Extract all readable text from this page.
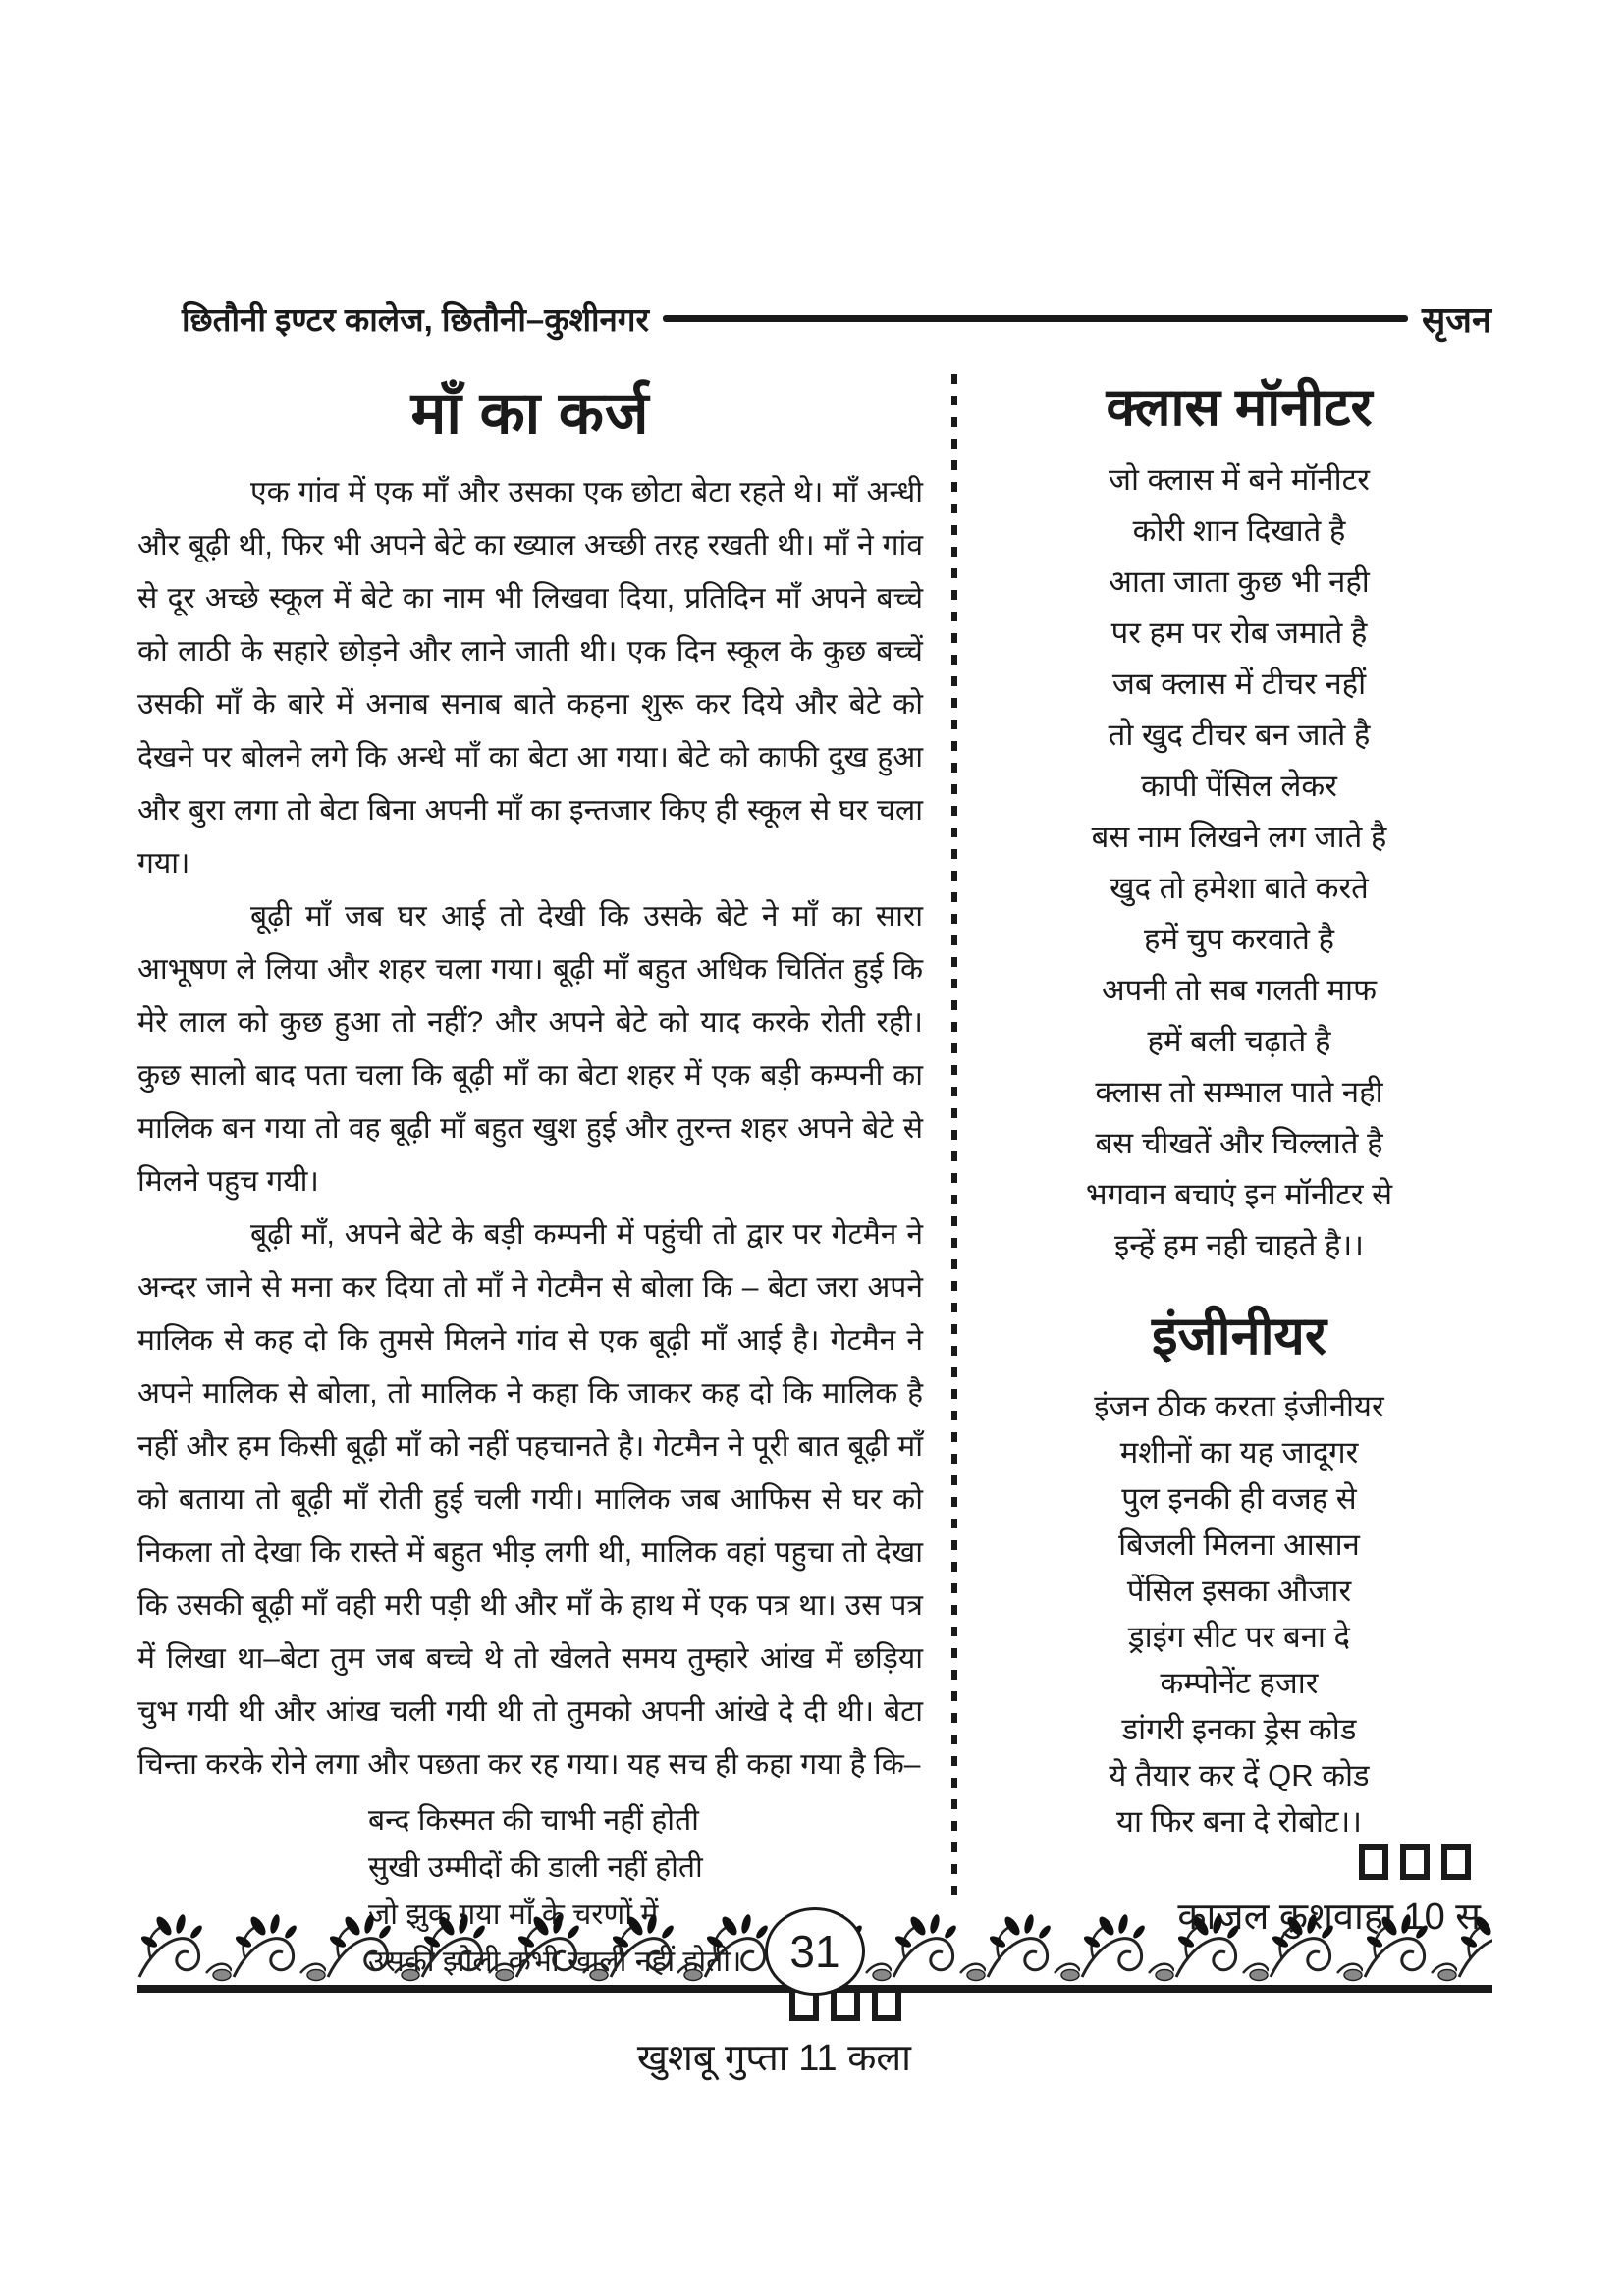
छितौनी इण्टर कालेज, छितौनी–कुशीनगर	सृजन
माँ का कर्ज

एक गांव में एक माँ और उसका एक छोटा बेटा रहते थे। माँ अन्धी और बूढ़ी थी, फिर भी अपने बेटे का ख्याल अच्छी तरह रखती थी। माँ ने गांव से दूर अच्छे स्कूल में बेटे का नाम भी लिखवा दिया, प्रतिदिन माँ अपने बच्चे को लाठी के सहारे छोड़ने और लाने जाती थी। एक दिन स्कूल के कुछ बच्चें उसकी माँ के बारे में अनाब सनाब बाते कहना शुरू कर दिये और बेटे को देखने पर बोलने लगे कि अन्धे माँ का बेटा आ गया। बेटे को काफी दुख हुआ और बुरा लगा तो बेटा बिना अपनी माँ का इन्तजार किए ही स्कूल से घर चला गया।

बूढ़ी माँ जब घर आई तो देखी कि उसके बेटे ने माँ का सारा आभूषण ले लिया और शहर चला गया। बूढ़ी माँ बहुत अधिक चितिंत हुई कि मेरे लाल को कुछ हुआ तो नहीं? और अपने बेटे को याद करके रोती रही। कुछ सालो बाद पता चला कि बूढ़ी माँ का बेटा शहर में एक बड़ी कम्पनी का मालिक बन गया तो वह बूढ़ी माँ बहुत खुश हुई और तुरन्त शहर अपने बेटे से मिलने पहुच गयी।

बूढ़ी माँ, अपने बेटे के बड़ी कम्पनी में पहुंची तो द्वार पर गेटमैन ने अन्दर जाने से मना कर दिया तो माँ ने गेटमैन से बोला कि – बेटा जरा अपने मालिक से कह दो कि तुमसे मिलने गांव से एक बूढ़ी माँ आई है। गेटमैन ने अपने मालिक से बोला, तो मालिक ने कहा कि जाकर कह दो कि मालिक है नहीं और हम किसी बूढ़ी माँ को नहीं पहचानते है। गेटमैन ने पूरी बात बूढ़ी माँ को बताया तो बूढ़ी माँ रोती हुई चली गयी। मालिक जब आफिस से घर को निकला तो देखा कि रास्ते में बहुत भीड़ लगी थी, मालिक वहां पहुचा तो देखा कि उसकी बूढ़ी माँ वही मरी पड़ी थी और माँ के हाथ में एक पत्र था। उस पत्र में लिखा था–बेटा तुम जब बच्चे थे तो खेलते समय तुम्हारे आंख में छड़िया चुभ गयी थी और आंख चली गयी थी तो तुमको अपनी आंखे दे दी थी। बेटा चिन्ता करके रोने लगा और पछता कर रह गया। यह सच ही कहा गया है कि–

बन्द किस्मत की चाभी नहीं होती
सुखी उम्मीदों की डाली नहीं होती
खुशबू गुप्ता 11 कला
क्लास मॉनीटर
जो क्लास में बने मॉनीटर
कोरी शान दिखाते है
आता जाता कुछ भी नही
पर हम पर रोब जमाते है
जब क्लास में टीचर नहीं
तो खुद टीचर बन जाते है
कापी पेंसिल लेकर
बस नाम लिखने लग जाते है
खुद तो हमेशा बाते करते
हमें चुप करवाते है
अपनी तो सब गलती माफ
हमें बली चढ़ाते है
क्लास तो सम्भाल पाते नही
बस चीखतें और चिल्लाते है
भगवान बचाएं इन मॉनीटर से
इन्हें हम नही चाहते है।।
इंजीनीयर
इंजन ठीक करता इंजीनीयर
मशीनों का यह जादूगर
पुल इनकी ही वजह से
बिजली मिलना आसान
पेंसिल इसका औजार
ड्राइंग सीट पर बना दे
कम्पोनेंट हजार
डांगरी इनका ड्रेस कोड
ये तैयार कर दें QR कोड
या फिर बना दे रोबोट।।
31
